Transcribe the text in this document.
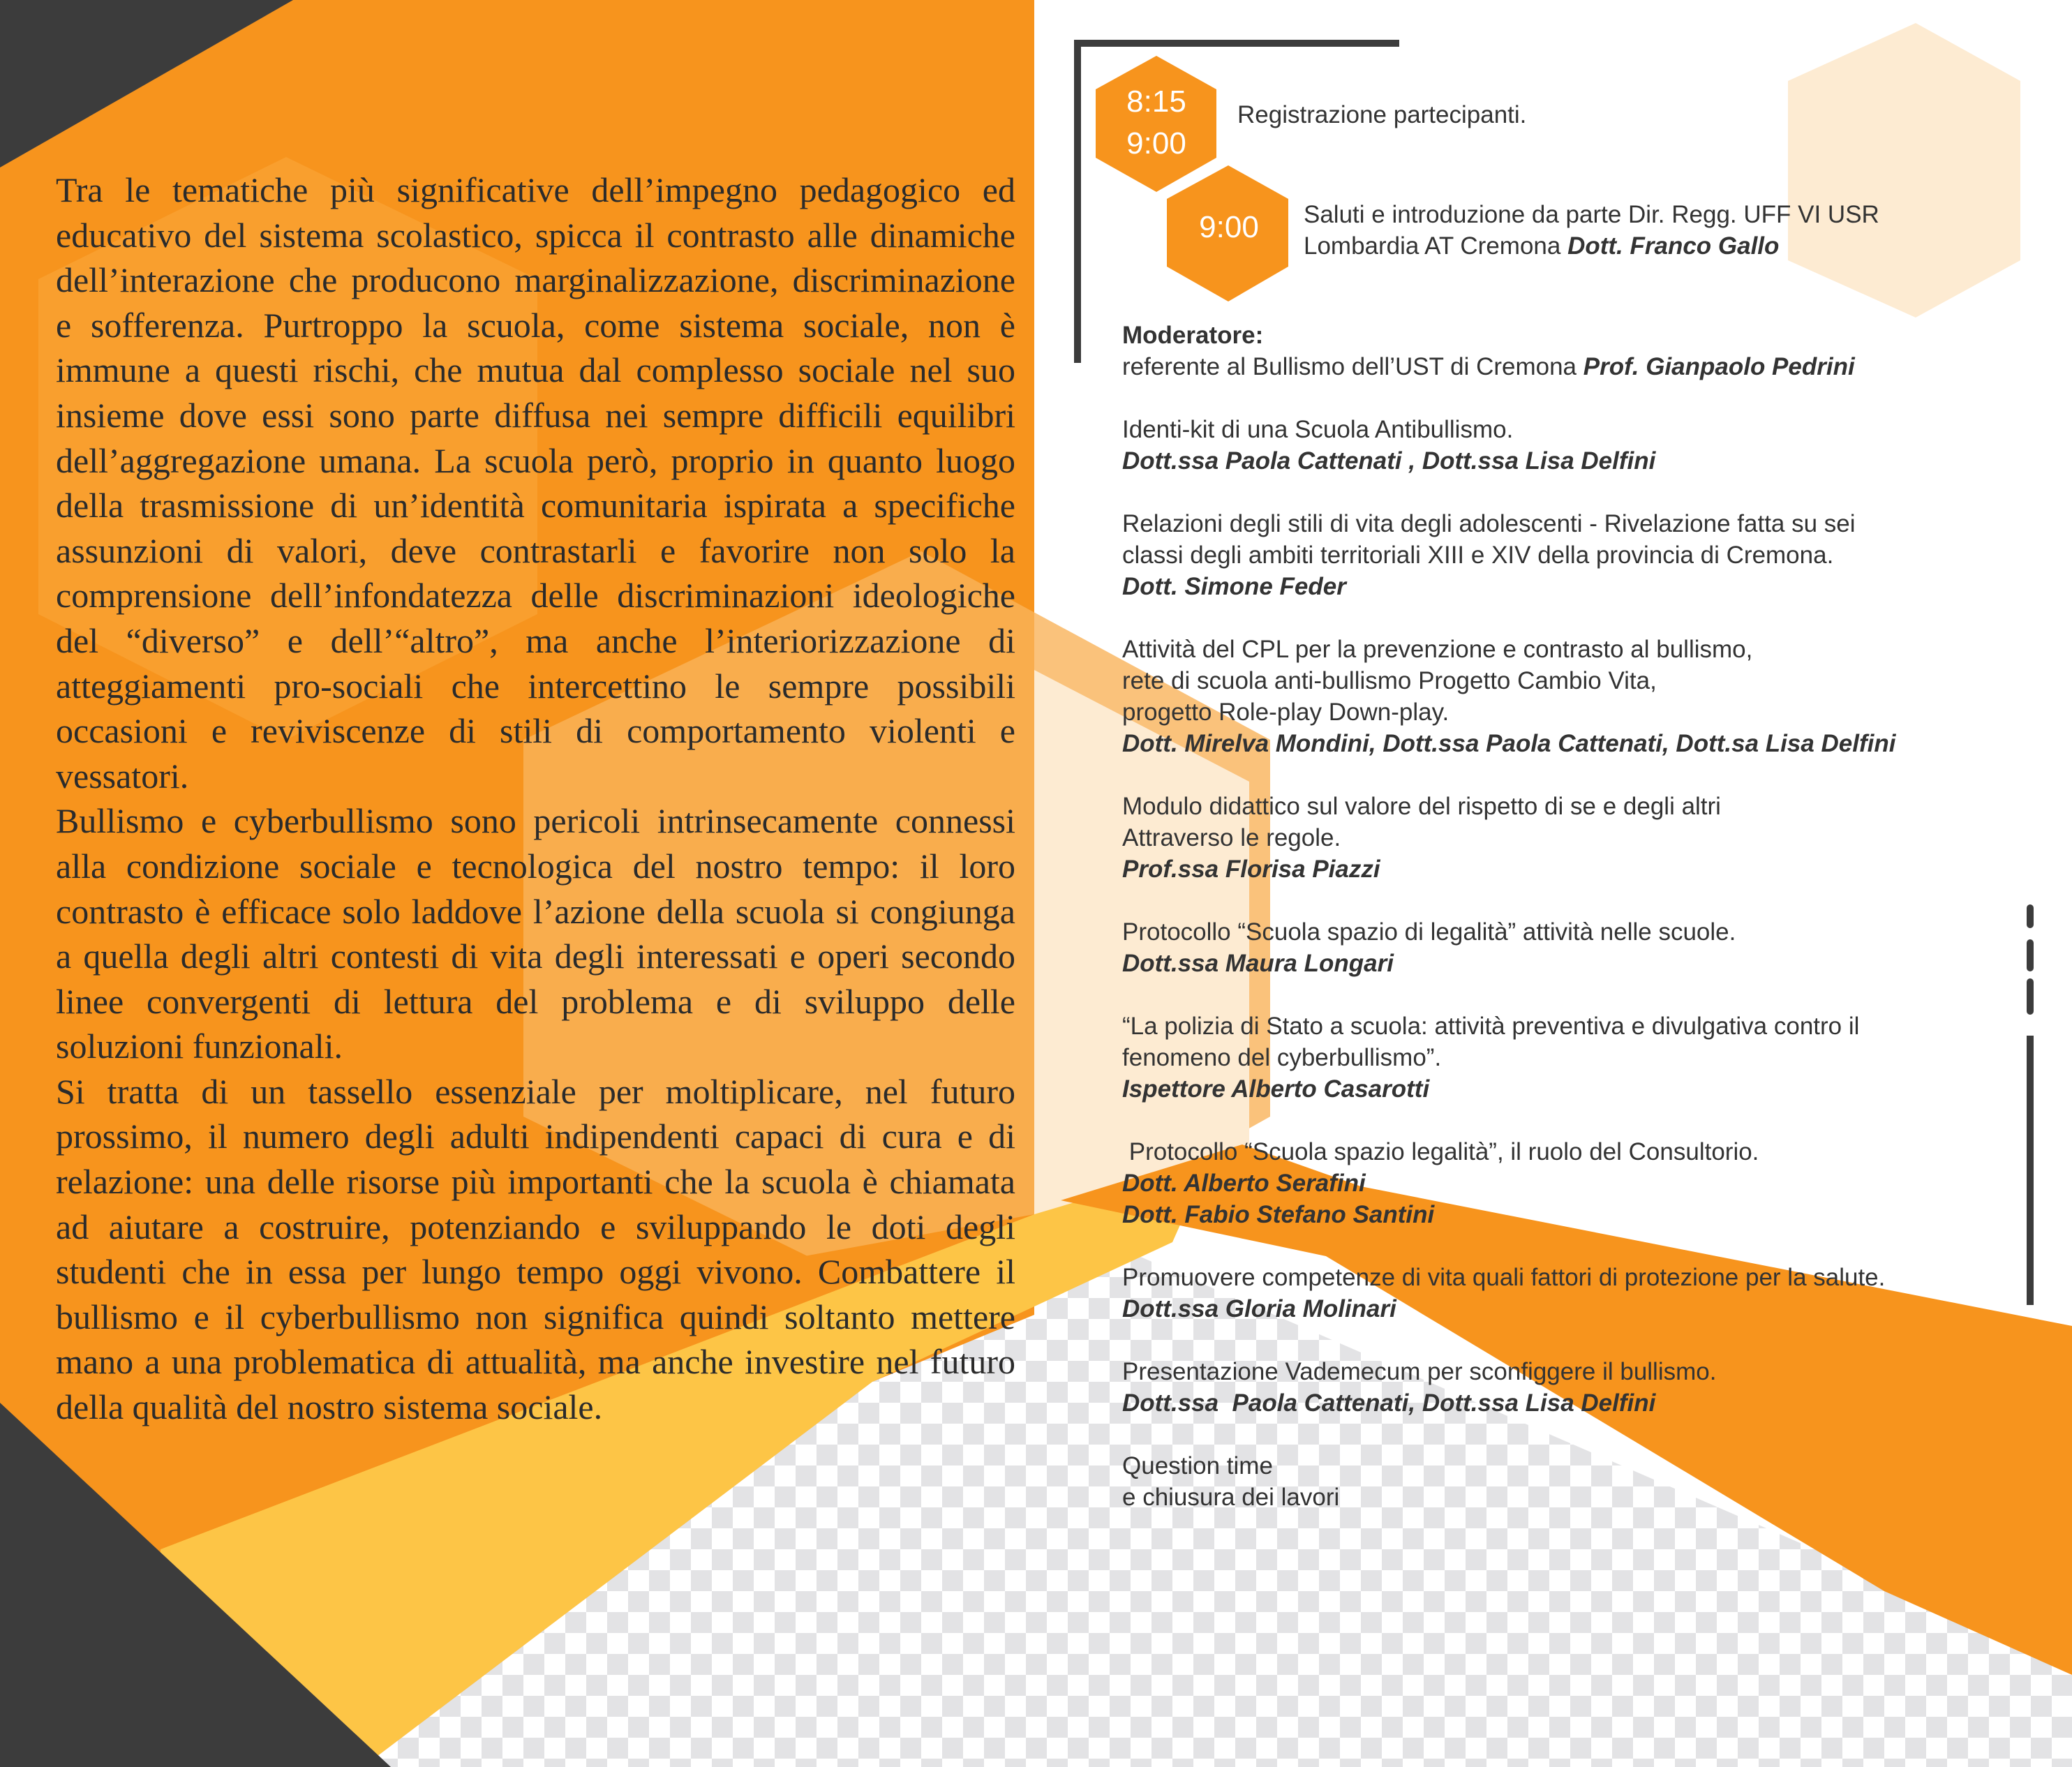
Tra le tematiche più significative dell’impegno pedagogico ed educativo del sistema scolastico, spicca il contrasto alle dinamiche dell’interazione che producono marginalizzazione, discriminazione e sofferenza. Purtroppo la scuola, come sistema sociale, non è immune a questi rischi, che mutua dal complesso sociale nel suo insieme dove essi sono parte diffusa nei sempre difficili equilibri dell’aggregazione umana. La scuola però, proprio in quanto luogo della trasmissione di un’identità comunitaria ispirata a specifiche assunzioni di valori, deve contrastarli e favorire non solo la comprensione dell’infondatezza delle discriminazioni ideologiche del “diverso” e dell’“altro”, ma anche l’interiorizzazione di atteggiamenti pro-sociali che intercettino le sempre possibili occasioni e reviviscenze di stili di comportamento violenti e vessatori.

Bullismo e cyberbullismo sono pericoli intrinsecamente connessi alla condizione sociale e tecnologica del nostro tempo: il loro contrasto è efficace solo laddove l’azione della scuola si congiunga a quella degli altri contesti di vita degli interessati e operi secondo linee convergenti di lettura del problema e di sviluppo delle soluzioni funzionali.

Si tratta di un tassello essenziale per moltiplicare, nel futuro prossimo, il numero degli adulti indipendenti capaci di cura e di relazione: una delle risorse più importanti che la scuola è chiamata ad aiutare a costruire, potenziando e sviluppando le doti degli studenti che in essa per lungo tempo oggi vivono. Combattere il bullismo e il cyberbullismo non significa quindi soltanto mettere mano a una problematica di attualità, ma anche investire nel futuro della qualità del nostro sistema sociale.

8:15
9:00
9:00
Registrazione partecipanti.
Saluti e introduzione da parte Dir. Regg. UFF VI USR
Lombardia AT Cremona Dott. Franco Gallo
Moderatore:
referente al Bullismo dell’UST di Cremona Prof. Gianpaolo Pedrini
Identi-kit di una Scuola Antibullismo.
Dott.ssa Paola Cattenati , Dott.ssa Lisa Delfini
Relazioni degli stili di vita degli adolescenti - Rivelazione fatta su sei
classi degli ambiti territoriali XIII e XIV della provincia di Cremona.
Dott. Simone Feder
Attività del CPL per la prevenzione e contrasto al bullismo,
rete di scuola anti-bullismo Progetto Cambio Vita,
progetto Role-play Down-play.
Dott. Mirelva Mondini, Dott.ssa Paola Cattenati, Dott.sa Lisa Delfini
Modulo didattico sul valore del rispetto di se e degli altri
Attraverso le regole.
Prof.ssa Florisa Piazzi
Protocollo “Scuola spazio di legalità” attività nelle scuole.
Dott.ssa Maura Longari
“La polizia di Stato a scuola: attività preventiva e divulgativa contro il
fenomeno del cyberbullismo”.
Ispettore Alberto Casarotti
Protocollo “Scuola spazio legalità”, il ruolo del Consultorio.
Dott. Alberto Serafini
Dott. Fabio Stefano Santini
Promuovere competenze di vita quali fattori di protezione per la salute.
Dott.ssa Gloria Molinari
Presentazione Vademecum per sconfiggere il bullismo.
Dott.ssa  Paola Cattenati, Dott.ssa Lisa Delfini
Question time
e chiusura dei lavori
